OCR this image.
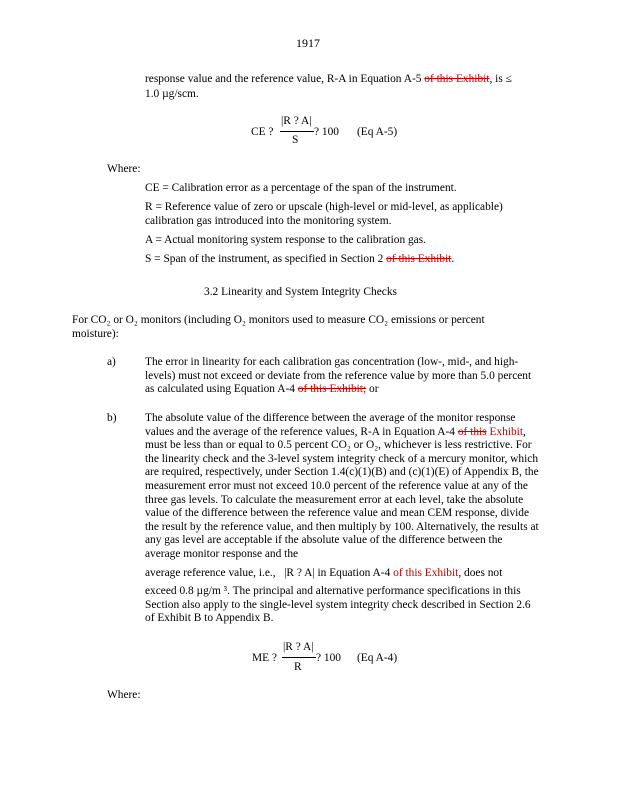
1917
response value and the reference value, R-A in Equation A-5 of this Exhibit, is ≤
1.0 µg/scm.
CE ?
|R ? A|
S
? 100 (Eq A-5)
Where:
CE = Calibration error as a percentage of the span of the instrument.
R = Reference value of zero or upscale (high-level or mid-level, as applicable) calibration gas introduced into the monitoring system.
A = Actual monitoring system response to the calibration gas.
S = Span of the instrument, as specified in Section 2 of this Exhibit.
3.2 Linearity and System Integrity Checks
For CO₂ or O₂ monitors (including O₂ monitors used to measure CO₂ emissions or percent moisture):
a)	The error in linearity for each calibration gas concentration (low-, mid-, and high-levels) must not exceed or deviate from the reference value by more than 5.0 percent as calculated using Equation A-4 of this Exhibit; or
b)	The absolute value of the difference between the average of the monitor response values and the average of the reference values, R-A in Equation A-4 of this Exhibit, must be less than or equal to 0.5 percent CO₂ or O₂, whichever is less restrictive. For the linearity check and the 3-level system integrity check of a mercury monitor, which are required, respectively, under Section 1.4(c)(1)(B) and (c)(1)(E) of Appendix B, the measurement error must not exceed 10.0 percent of the reference value at any of the three gas levels. To calculate the measurement error at each level, take the absolute value of the difference between the reference value and mean CEM response, divide the result by the reference value, and then multiply by 100. Alternatively, the results at any gas level are acceptable if the absolute value of the difference between the average monitor response and the
average reference value, i.e., |R ? A| in Equation A-4 of this Exhibit, does not
exceed 0.8 µg/m ³. The principal and alternative performance specifications in this Section also apply to the single-level system integrity check described in Section 2.6 of Exhibit B to Appendix B.
ME ?
|R ? A|
R
? 100 (Eq A-4)
Where:
